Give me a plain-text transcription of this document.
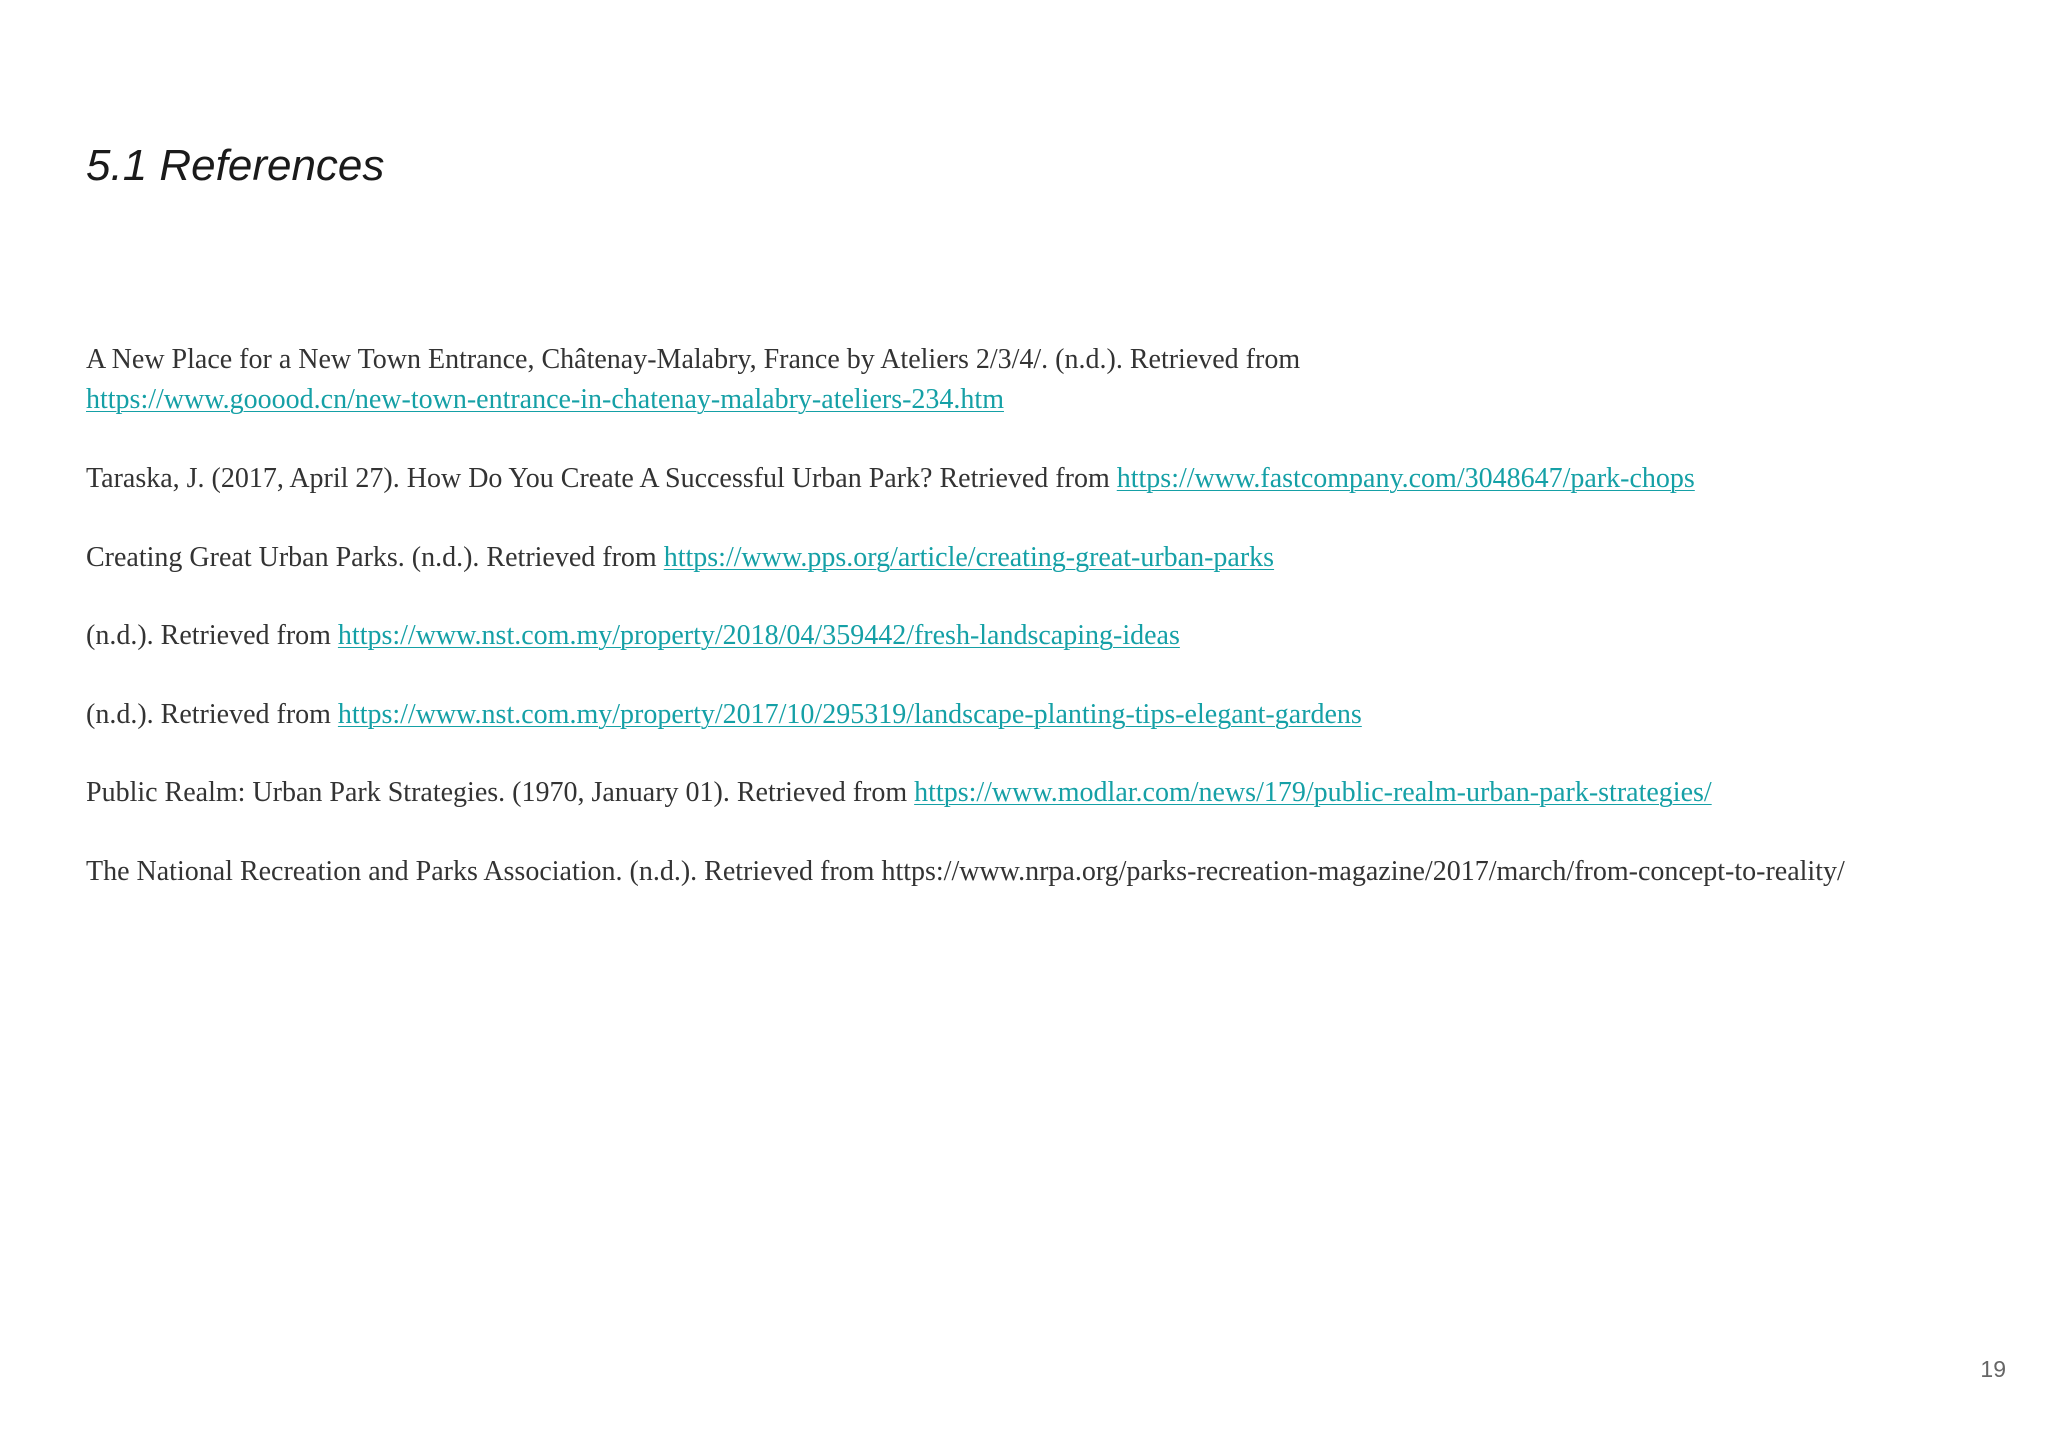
5.1 References
A New Place for a New Town Entrance, Châtenay-Malabry, France by Ateliers 2/3/4/. (n.d.). Retrieved from
https://www.gooood.cn/new-town-entrance-in-chatenay-malabry-ateliers-234.htm
Taraska, J. (2017, April 27). How Do You Create A Successful Urban Park? Retrieved from https://www.fastcompany.com/3048647/park-chops
Creating Great Urban Parks. (n.d.). Retrieved from https://www.pps.org/article/creating-great-urban-parks
(n.d.). Retrieved from https://www.nst.com.my/property/2018/04/359442/fresh-landscaping-ideas
(n.d.). Retrieved from https://www.nst.com.my/property/2017/10/295319/landscape-planting-tips-elegant-gardens
Public Realm: Urban Park Strategies. (1970, January 01). Retrieved from https://www.modlar.com/news/179/public-realm-urban-park-strategies/
The National Recreation and Parks Association. (n.d.). Retrieved from https://www.nrpa.org/parks-recreation-magazine/2017/march/from-concept-to-reality/
19
